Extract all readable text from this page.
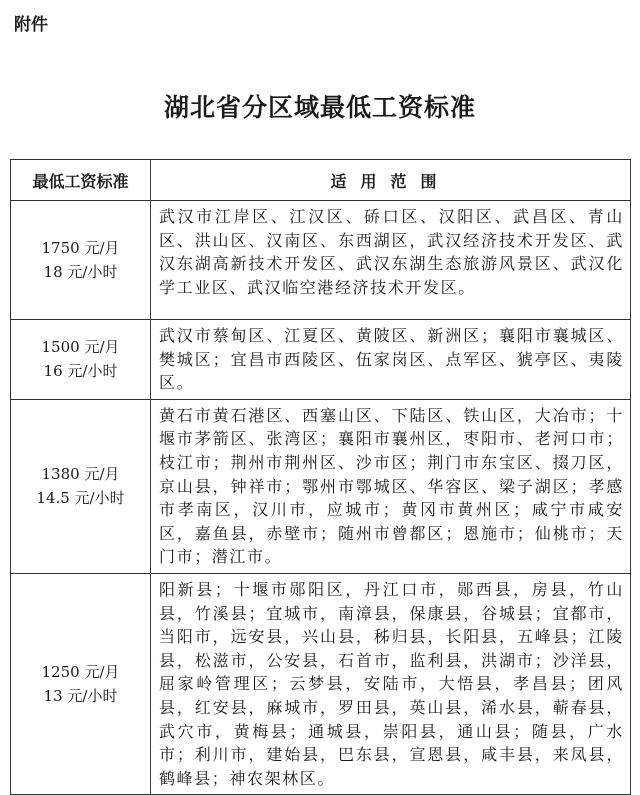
附件
湖北省分区域最低工资标准
最低工资标准	适用范围

1750 元/月
18 元/小时	武汉市江岸区、江汉区、硚口区、汉阳区、武昌区、青山区、洪山区、汉南区、东西湖区，武汉经济技术开发区、武汉东湖高新技术开发区、武汉东湖生态旅游风景区、武汉化学工业区、武汉临空港经济技术开发区。

1500 元/月
16 元/小时	武汉市蔡甸区、江夏区、黄陂区、新洲区；襄阳市襄城区、樊城区；宜昌市西陵区、伍家岗区、点军区、猇亭区、夷陵区。

1380 元/月
14.5 元/小时	黄石市黄石港区、西塞山区、下陆区、铁山区，大冶市；十堰市茅箭区、张湾区；襄阳市襄州区，枣阳市、老河口市；枝江市；荆州市荆州区、沙市区；荆门市东宝区、掇刀区，京山县，钟祥市；鄂州市鄂城区、华容区、梁子湖区；孝感市孝南区，汉川市，应城市；黄冈市黄州区；咸宁市咸安区，嘉鱼县，赤壁市；随州市曾都区；恩施市；仙桃市；天门市；潜江市。

1250 元/月
13 元/小时	阳新县；十堰市郧阳区，丹江口市，郧西县，房县，竹山县，竹溪县；宜城市，南漳县，保康县，谷城县；宜都市，当阳市，远安县，兴山县，秭归县，长阳县，五峰县；江陵县，松滋市，公安县，石首市，监利县，洪湖市；沙洋县，屈家岭管理区；云梦县，安陆市，大悟县，孝昌县；团风县，红安县，麻城市，罗田县，英山县，浠水县，蕲春县，武穴市，黄梅县；通城县，崇阳县，通山县；随县，广水市；利川市，建始县，巴东县，宣恩县，咸丰县，来凤县，鹤峰县；神农架林区。
